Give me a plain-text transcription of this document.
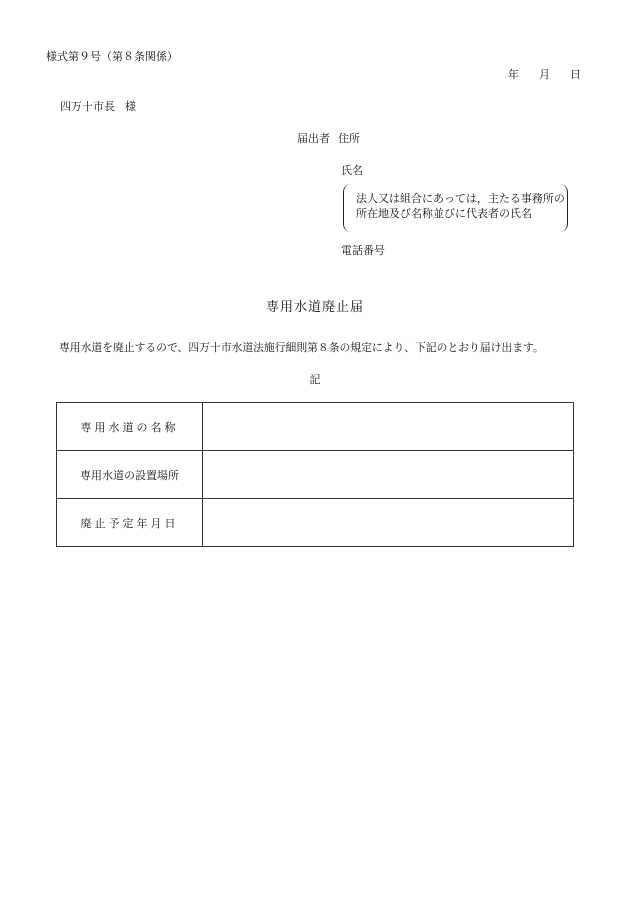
様式第９号（第８条関係）
年 月 日
四万十市長 様
届出者 住所
氏名
法人又は組合にあっては，主たる事務所の
所在地及び名称並びに代表者の氏名
電話番号
専用水道廃止届
専用水道を廃止するので、四万十市水道法施行細則第８条の規定により、下記のとおり届け出ます。
記
専用水道の名称	
専用水道の設置場所	
廃止予定年月日	
